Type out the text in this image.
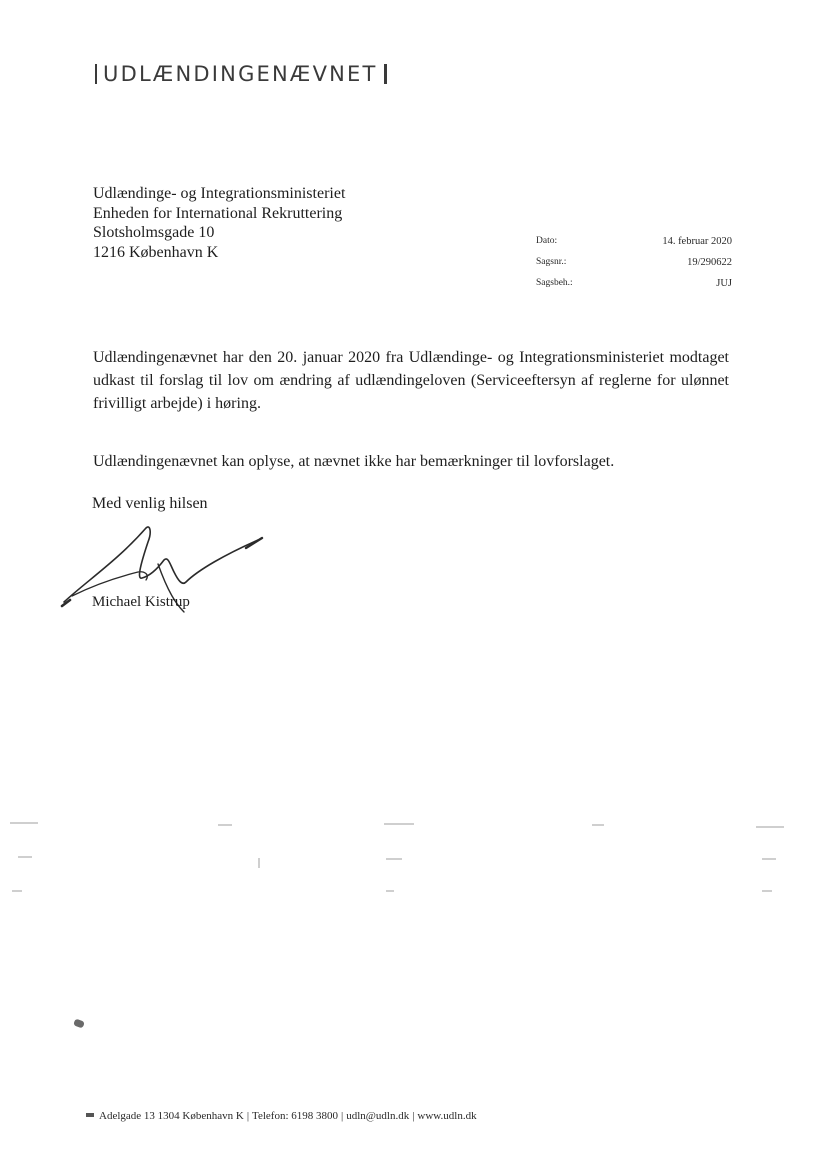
UDLÆNDINGENÆVNET
Udlændinge- og Integrationsministeriet
Enheden for International Rekruttering
Slotsholmsgade 10
1216 København K
Dato:	14. februar 2020
Sagsnr.:	19/290622
Sagsbeh.:	JUJ

Udlændingenævnet har den 20. januar 2020 fra Udlændinge- og Integrationsministeriet modtaget udkast til forslag til lov om ændring af udlændingeloven (Serviceeftersyn af reglerne for ulønnet frivilligt arbejde) i høring.

Udlændingenævnet kan oplyse, at nævnet ikke har bemærkninger til lovforslaget.

Med venlig hilsen
Michael Kistrup
Adelgade 13 1304 København K | Telefon: 6198 3800 | udln@udln.dk | www.udln.dk
